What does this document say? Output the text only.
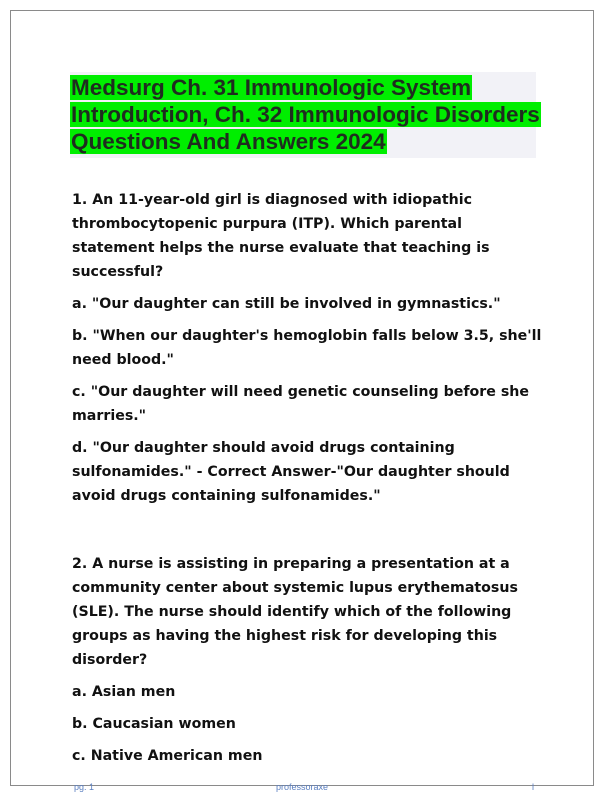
Medsurg Ch. 31 Immunologic System Introduction, Ch. 32 Immunologic Disorders Questions And Answers 2024

1. An 11-year-old girl is diagnosed with idiopathic thrombocytopenic purpura (ITP). Which parental statement helps the nurse evaluate that teaching is successful?

a. "Our daughter can still be involved in gymnastics."

b. "When our daughter's hemoglobin falls below 3.5, she'll need blood."

c. "Our daughter will need genetic counseling before she marries."

d. "Our daughter should avoid drugs containing sulfonamides." - Correct Answer-"Our daughter should avoid drugs containing sulfonamides."

2. A nurse is assisting in preparing a presentation at a community center about systemic lupus erythematosus (SLE). The nurse should identify which of the following groups as having the highest risk for developing this disorder?

a. Asian men

b. Caucasian women

c. Native American men

pg. 1	professoraxe	l
